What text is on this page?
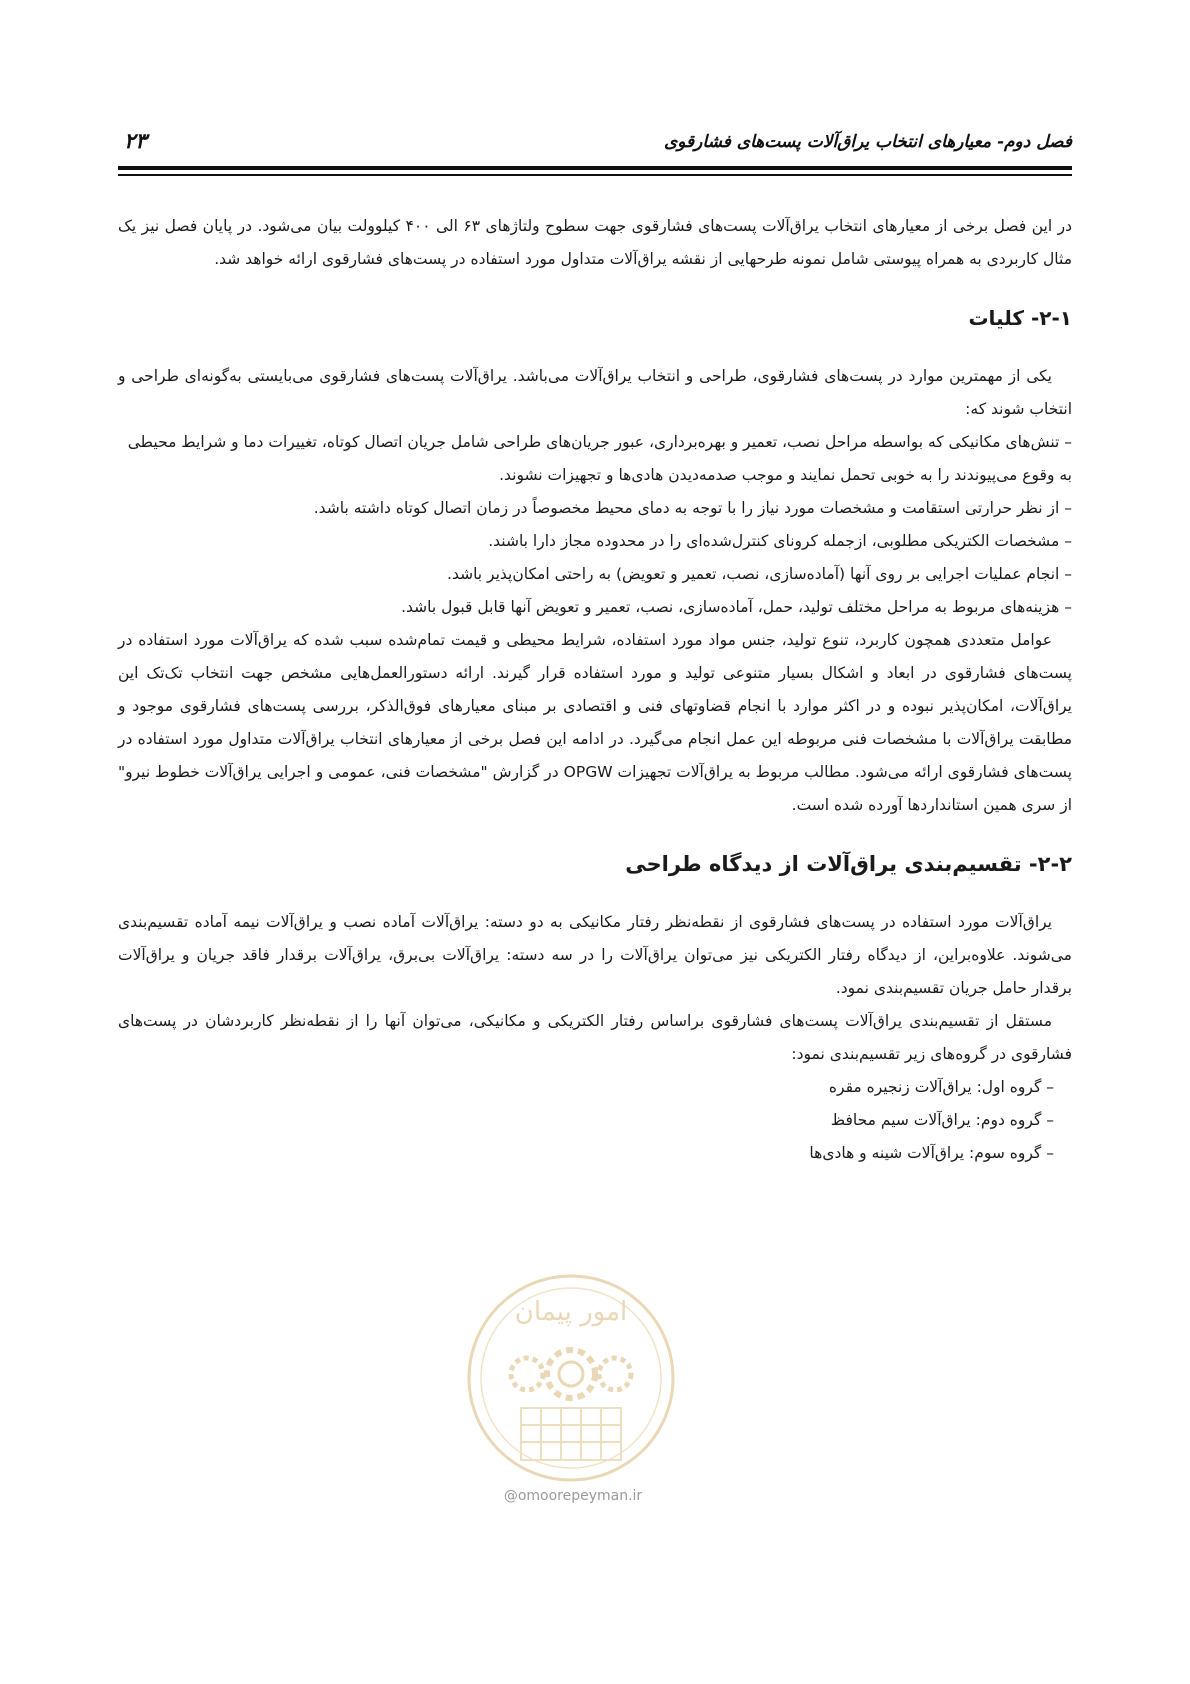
فصل دوم- معیارهای انتخاب یراق‌آلات پست‌های فشارقوی
۲۳

در این فصل برخی از معیارهای انتخاب یراق‌آلات پست‌های فشارقوی جهت سطوح ولتاژهای ۶۳ الی ۴۰۰ کیلوولت بیان می‌شود. در پایان فصل نیز یک مثال کاربردی به همراه پیوستی شامل نمونه طرحهایی از نقشه یراق‌آلات متداول مورد استفاده در پست‌های فشارقوی ارائه خواهد شد.

۲-۱- کلیات

یکی از مهمترین موارد در پست‌های فشارقوی، طراحی و انتخاب یراق‌آلات می‌باشد. یراق‌آلات پست‌های فشارقوی می‌بایستی به‌گونه‌ای طراحی و انتخاب شوند که:

– تنش‌های مکانیکی که بواسطه مراحل نصب، تعمیر و بهره‌برداری، عبور جریان‌های طراحی شامل جریان اتصال کوتاه، تغییرات دما و شرایط محیطی به وقوع می‌پیوندند را به خوبی تحمل نمایند و موجب صدمه‌دیدن هادی‌ها و تجهیزات نشوند.

– از نظر حرارتی استقامت و مشخصات مورد نیاز را با توجه به دمای محیط مخصوصاً در زمان اتصال کوتاه داشته باشد.

– مشخصات الکتریکی مطلوبی، ازجمله کرونای کنترل‌شده‌ای را در محدوده مجاز دارا باشند.

– انجام عملیات اجرایی بر روی آنها (آماده‌سازی، نصب، تعمیر و تعویض) به راحتی امکان‌پذیر باشد.

– هزینه‌های مربوط به مراحل مختلف تولید، حمل، آماده‌سازی، نصب، تعمیر و تعویض آنها قابل قبول باشد.

عوامل متعددی همچون کاربرد، تنوع تولید، جنس مواد مورد استفاده، شرایط محیطی و قیمت تمام‌شده سبب شده که یراق‌آلات مورد استفاده در پست‌های فشارقوی در ابعاد و اشکال بسیار متنوعی تولید و مورد استفاده قرار گیرند. ارائه دستورالعمل‌هایی مشخص جهت انتخاب تک‌تک این یراق‌آلات، امکان‌پذیر نبوده و در اکثر موارد با انجام قضاوتهای فنی و اقتصادی بر مبنای معیارهای فوق‌الذکر، بررسی پست‌های فشارقوی موجود و مطابقت یراق‌آلات با مشخصات فنی مربوطه این عمل انجام می‌گیرد. در ادامه این فصل برخی از معیارهای انتخاب یراق‌آلات متداول مورد استفاده در پست‌های فشارقوی ارائه می‌شود. مطالب مربوط به یراق‌آلات تجهیزات OPGW در گزارش "مشخصات فنی، عمومی و اجرایی یراق‌آلات خطوط نیرو" از سری همین استانداردها آورده شده است.

۲-۲- تقسیم‌بندی یراق‌آلات از دیدگاه طراحی

یراق‌آلات مورد استفاده در پست‌های فشارقوی از نقطه‌نظر رفتار مکانیکی به دو دسته: یراق‌آلات آماده نصب و یراق‌آلات نیمه آماده تقسیم‌بندی می‌شوند. علاوه‌براین، از دیدگاه رفتار الکتریکی نیز می‌توان یراق‌آلات را در سه دسته: یراق‌آلات بی‌برق، یراق‌آلات برقدار فاقد جریان و یراق‌آلات برقدار حامل جریان تقسیم‌بندی نمود.

مستقل از تقسیم‌بندی یراق‌آلات پست‌های فشارقوی براساس رفتار الکتریکی و مکانیکی، می‌توان آنها را از نقطه‌نظر کاربردشان در پست‌های فشارقوی در گروه‌های زیر تقسیم‌بندی نمود:

– گروه اول: یراق‌آلات زنجیره مقره

– گروه دوم: یراق‌آلات سیم محافظ

– گروه سوم: یراق‌آلات شینه و هادی‌ها

امور پیمان
@omoorepeyman.ir
